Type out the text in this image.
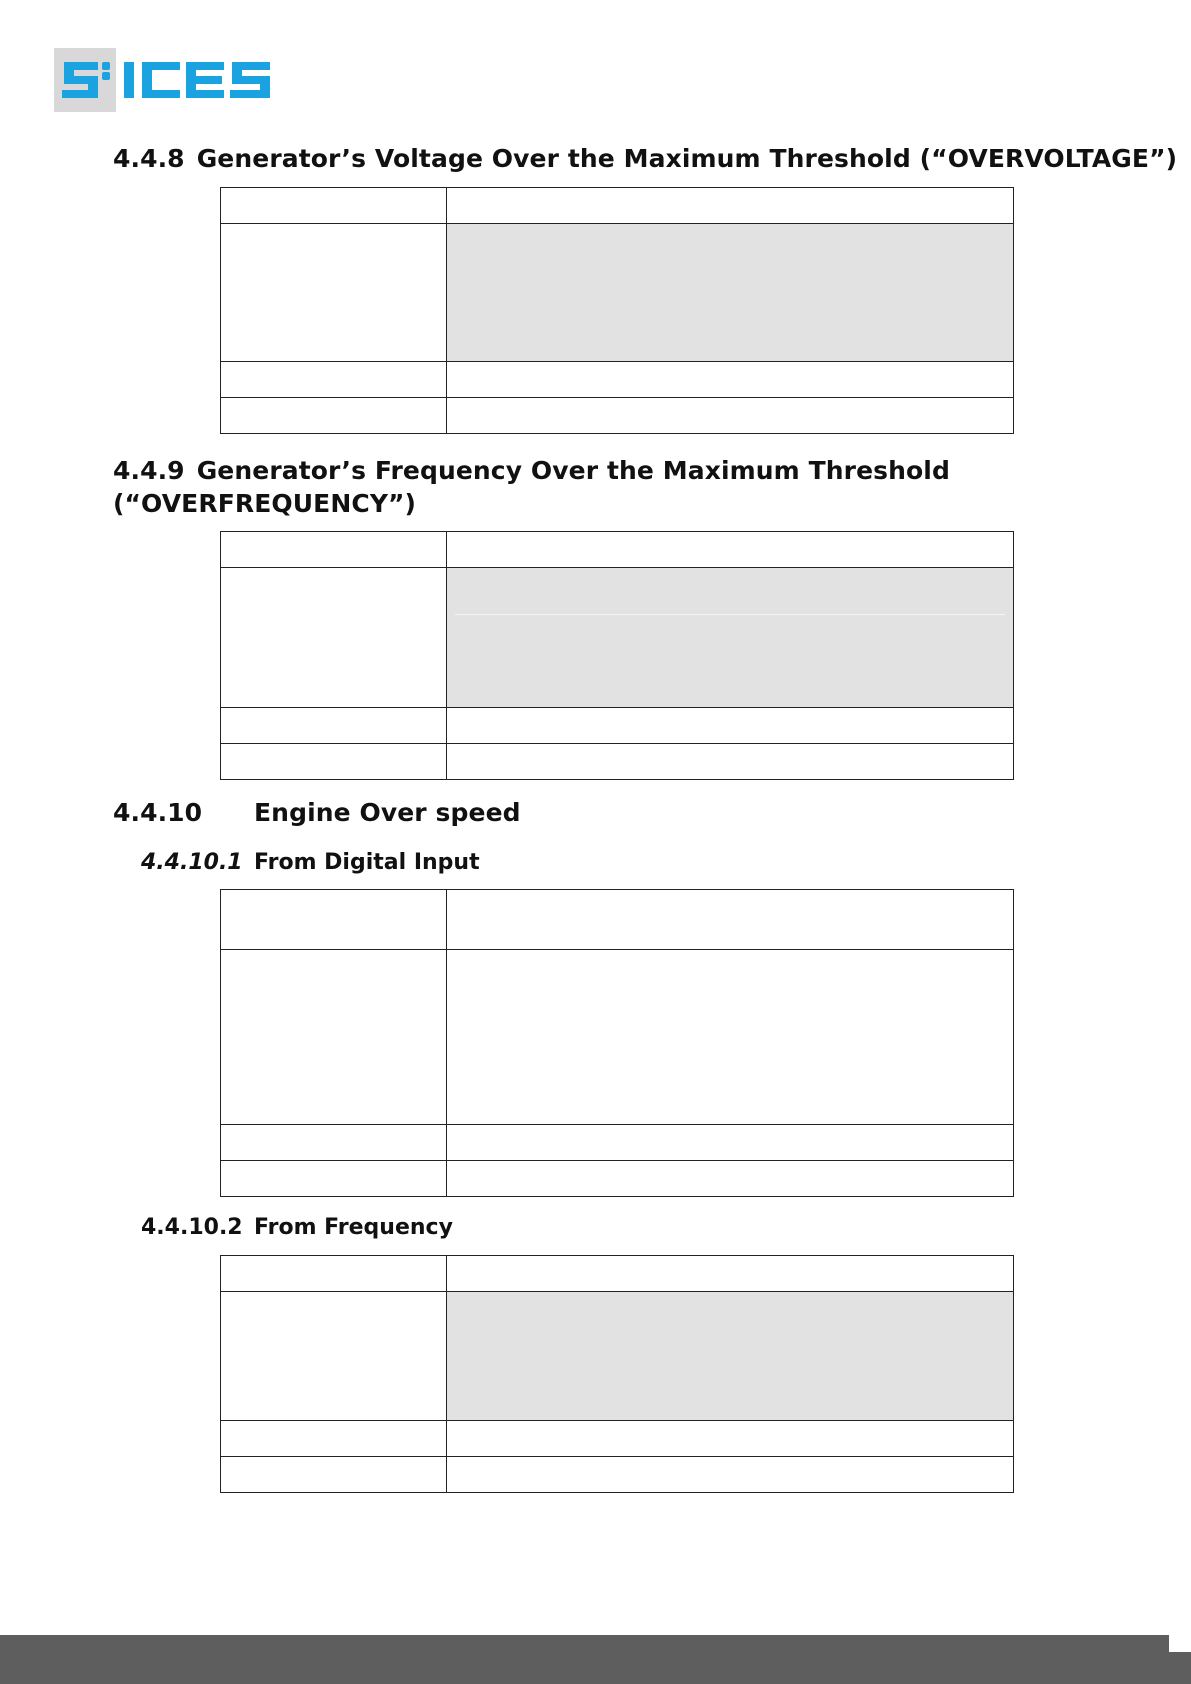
4.4.8 Generator’s Voltage Over the Maximum Threshold (“OVERVOLTAGE”)

4.4.9 Generator’s Frequency Over the Maximum Threshold
(“OVERFREQUENCY”)

4.4.10 Engine Over speed
4.4.10.1 From Digital Input

4.4.10.2 From Frequency
